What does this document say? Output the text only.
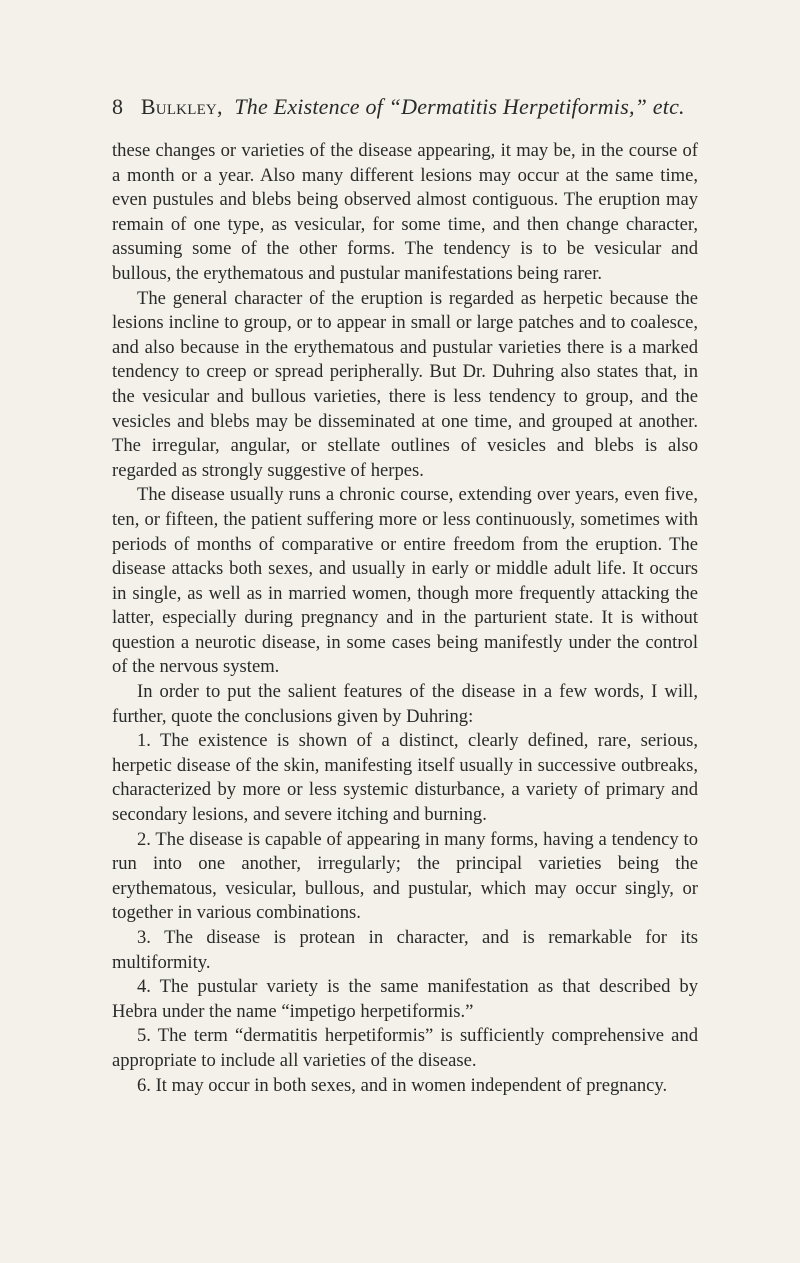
8 Bulkley, The Existence of “Dermatitis Herpetiformis,” etc.

these changes or varieties of the disease appearing, it may be, in the course of a month or a year. Also many different lesions may occur at the same time, even pustules and blebs being observed almost contiguous. The eruption may remain of one type, as vesicular, for some time, and then change character, assuming some of the other forms. The tendency is to be vesicular and bullous, the erythematous and pustular manifestations being rarer.

The general character of the eruption is regarded as herpetic because the lesions incline to group, or to appear in small or large patches and to coalesce, and also because in the erythematous and pustular varieties there is a marked tendency to creep or spread peripherally. But Dr. Duhring also states that, in the vesicular and bullous varieties, there is less tendency to group, and the vesicles and blebs may be disseminated at one time, and grouped at another. The irregular, angular, or stellate outlines of vesicles and blebs is also regarded as strongly suggestive of herpes.

The disease usually runs a chronic course, extending over years, even five, ten, or fifteen, the patient suffering more or less continuously, sometimes with periods of months of comparative or entire freedom from the eruption. The disease attacks both sexes, and usually in early or middle adult life. It occurs in single, as well as in married women, though more frequently attacking the latter, especially during pregnancy and in the parturient state. It is without question a neurotic disease, in some cases being manifestly under the control of the nervous system.

In order to put the salient features of the disease in a few words, I will, further, quote the conclusions given by Duhring:

1. The existence is shown of a distinct, clearly defined, rare, serious, herpetic disease of the skin, manifesting itself usually in successive outbreaks, characterized by more or less systemic disturbance, a variety of primary and secondary lesions, and severe itching and burning.

2. The disease is capable of appearing in many forms, having a tendency to run into one another, irregularly; the principal varieties being the erythematous, vesicular, bullous, and pustular, which may occur singly, or together in various combinations.

3. The disease is protean in character, and is remarkable for its multiformity.

4. The pustular variety is the same manifestation as that described by Hebra under the name “impetigo herpetiformis.”

5. The term “dermatitis herpetiformis” is sufficiently comprehensive and appropriate to include all varieties of the disease.

6. It may occur in both sexes, and in women independent of pregnancy.
